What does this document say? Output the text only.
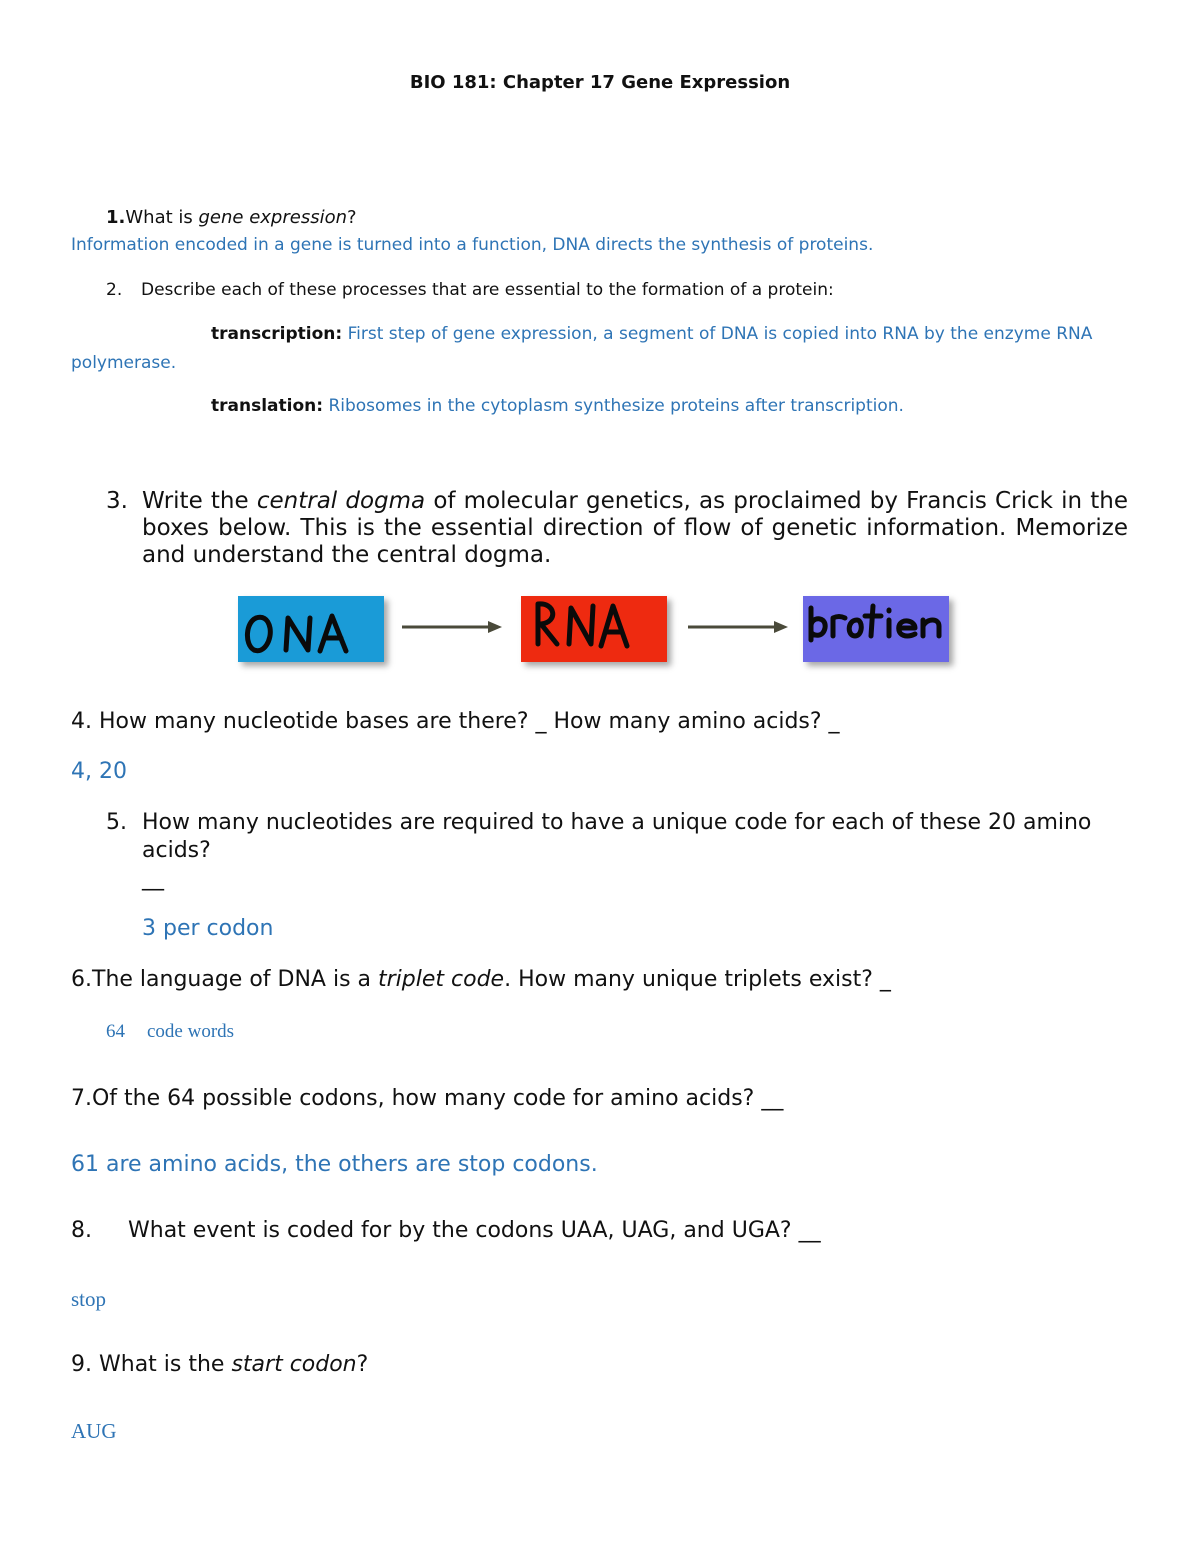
BIO 181: Chapter 17 Gene Expression
1.What is gene expression?
Information encoded in a gene is turned into a function, DNA directs the synthesis of proteins.
2. Describe each of these processes that are essential to the formation of a protein:
transcription: First step of gene expression, a segment of DNA is copied into RNA by the enzyme RNA
polymerase.
translation: Ribosomes in the cytoplasm synthesize proteins after transcription.
3. Write the central dogma of molecular genetics, as proclaimed by Francis Crick in the boxes below. This is the essential direction of flow of genetic information. Memorize and understand the central dogma.
4. How many nucleotide bases are there? _ How many amino acids? _
4, 20
5. How many nucleotides are required to have a unique code for each of these 20 amino
acids?
__
3 per codon
6.The language of DNA is a triplet code. How many unique triplets exist? _
64 code words
7.Of the 64 possible codons, how many code for amino acids? __
61 are amino acids, the others are stop codons.
8. What event is coded for by the codons UAA, UAG, and UGA? __
stop
9. What is the start codon?
AUG
